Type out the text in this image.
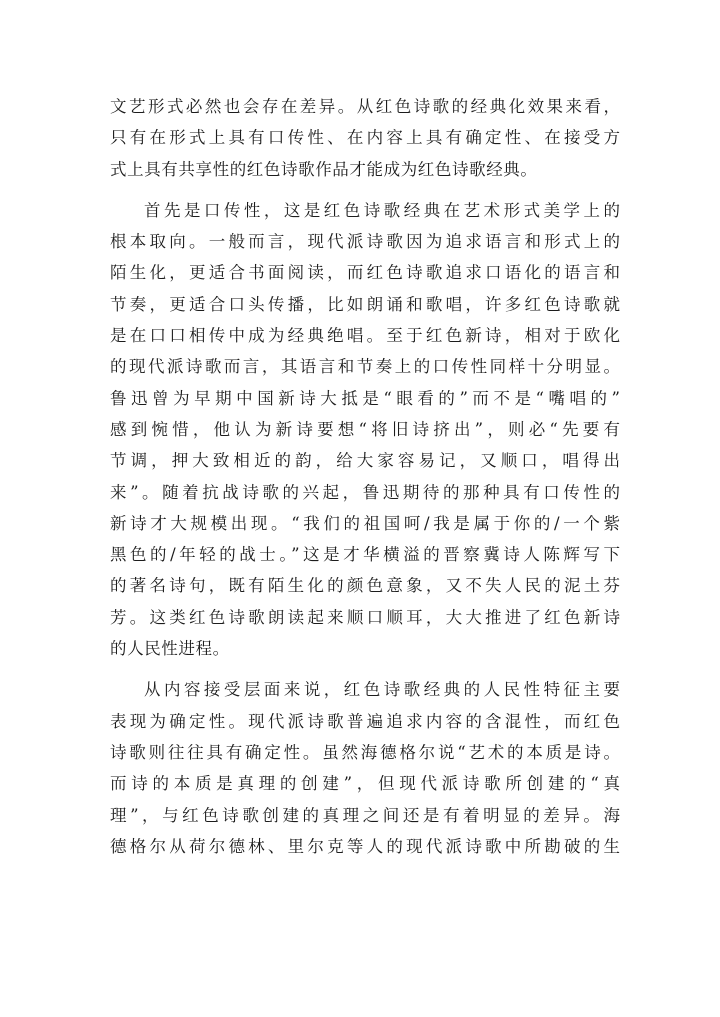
文艺形式必然也会存在差异。从红色诗歌的经典化效果来看，
只有在形式上具有口传性、在内容上具有确定性、在接受方
式上具有共享性的红色诗歌作品才能成为红色诗歌经典。
首先是口传性，这是红色诗歌经典在艺术形式美学上的
根本取向。一般而言，现代派诗歌因为追求语言和形式上的
陌生化，更适合书面阅读，而红色诗歌追求口语化的语言和
节奏，更适合口头传播，比如朗诵和歌唱，许多红色诗歌就
是在口口相传中成为经典绝唱。至于红色新诗，相对于欧化
的现代派诗歌而言，其语言和节奏上的口传性同样十分明显。
鲁迅曾为早期中国新诗大抵是“眼看的”而不是“嘴唱的”
感到惋惜，他认为新诗要想“将旧诗挤出”，则必“先要有
节调，押大致相近的韵，给大家容易记，又顺口，唱得出
来”。随着抗战诗歌的兴起，鲁迅期待的那种具有口传性的
新诗才大规模出现。“我们的祖国呵/我是属于你的/一个紫
黑色的/年轻的战士。”这是才华横溢的晋察冀诗人陈辉写下
的著名诗句，既有陌生化的颜色意象，又不失人民的泥土芬
芳。这类红色诗歌朗读起来顺口顺耳，大大推进了红色新诗
的人民性进程。
从内容接受层面来说，红色诗歌经典的人民性特征主要
表现为确定性。现代派诗歌普遍追求内容的含混性，而红色
诗歌则往往具有确定性。虽然海德格尔说“艺术的本质是诗。
而诗的本质是真理的创建”，但现代派诗歌所创建的“真
理”，与红色诗歌创建的真理之间还是有着明显的差异。海
德格尔从荷尔德林、里尔克等人的现代派诗歌中所勘破的生
